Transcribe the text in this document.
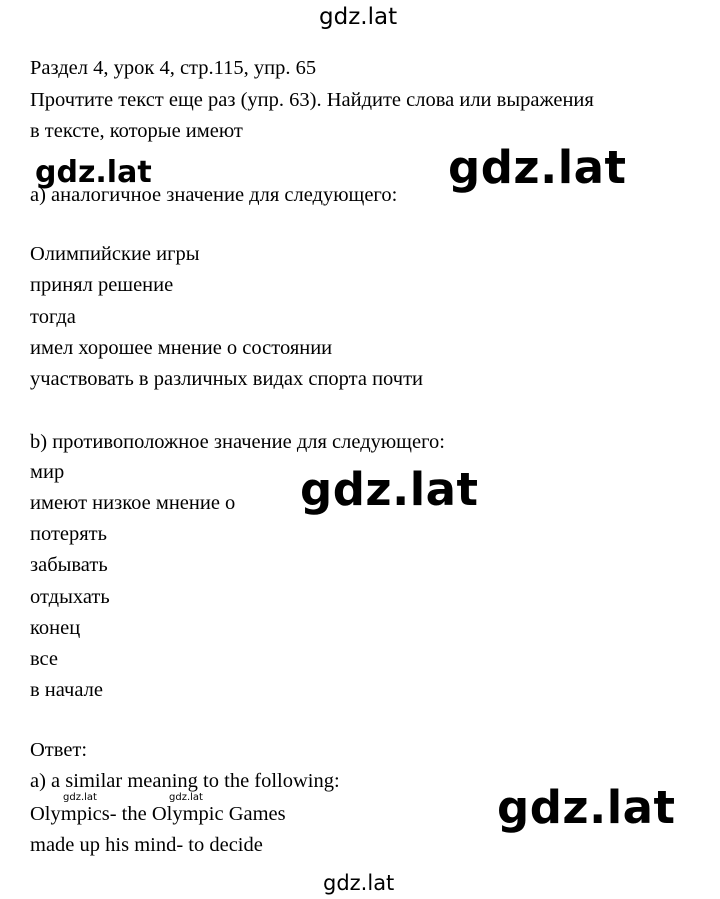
gdz.lat
Раздел 4, урок 4, стр.115, упр. 65
Прочтите текст еще раз (упр. 63). Найдите слова или выражения
в тексте, которые имеют
a) аналогичное значение для следующего:
Олимпийские игры
принял решение
тогда
имел хорошее мнение о состоянии
участвовать в различных видах спорта почти
b) противоположное значение для следующего:
мир
имеют низкое мнение о
потерять
забывать
отдыхать
конец
все
в начале
Ответ:
a) a similar meaning to the following:
Olympics- the Olympic Games
made up his mind- to decide
gdz.lat	gdz.lat
gdz.lat
gdz.lat
gdz.lat	gdz.lat
gdz.lat
